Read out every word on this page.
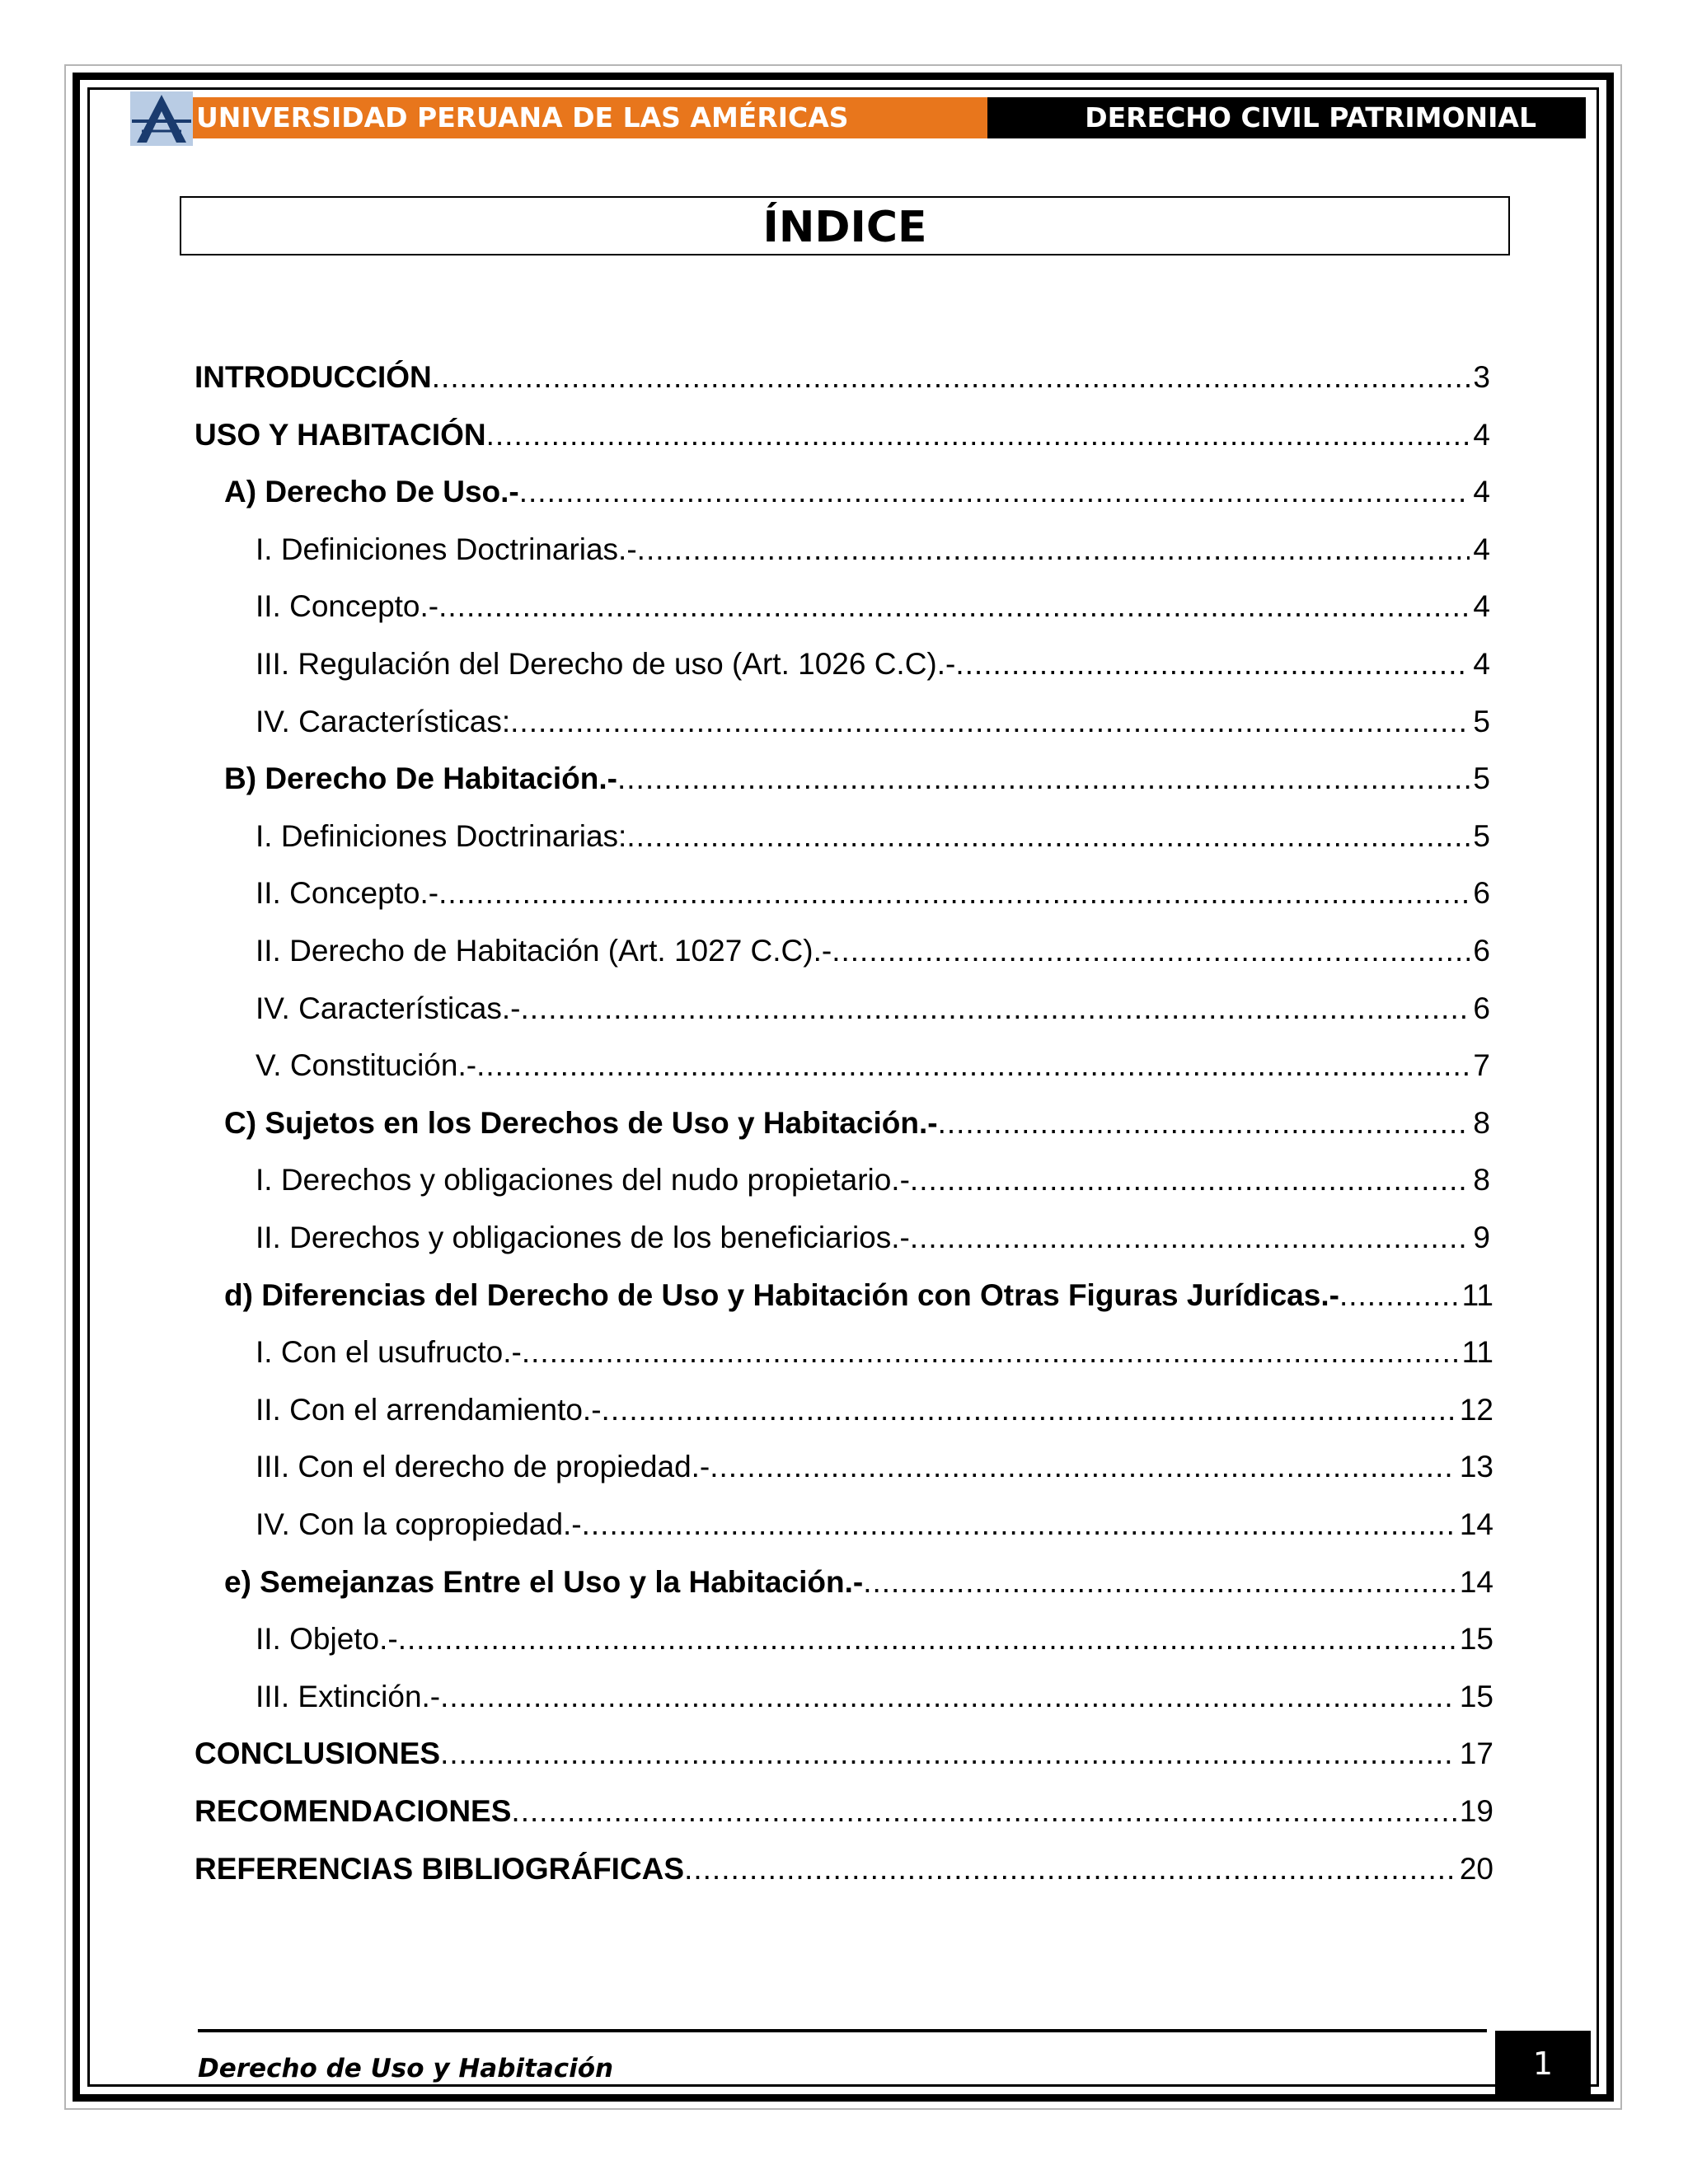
UNIVERSIDAD PERUANA DE LAS AMÉRICAS	DERECHO CIVIL PATRIMONIAL
ÍNDICE
INTRODUCCIÓN .....	3
USO Y HABITACIÓN .....	4
A) Derecho De Uso.- .....	4
I. Definiciones Doctrinarias.- .....	4
II. Concepto.- .....	4
III. Regulación del Derecho de uso (Art. 1026 C.C).- .....	4
IV. Características: .....	5
B) Derecho De Habitación.- .....	5
I. Definiciones Doctrinarias: .....	5
II. Concepto.- .....	6
II. Derecho de Habitación (Art. 1027 C.C).- .....	6
IV. Características.- .....	6
V. Constitución.- .....	7
C) Sujetos en los Derechos de Uso y Habitación.- .....	8
I. Derechos y obligaciones del nudo propietario.- .....	8
II. Derechos y obligaciones de los beneficiarios.- .....	9
d) Diferencias del Derecho de Uso y Habitación con Otras Figuras Jurídicas.- .....	11
I. Con el usufructo.- .....	11
II. Con el arrendamiento.- .....	12
III. Con el derecho de propiedad.- .....	13
IV. Con la copropiedad.- .....	14
e) Semejanzas Entre el Uso y la Habitación.- .....	14
II. Objeto.- .....	15
III. Extinción.- .....	15
CONCLUSIONES .....	17
RECOMENDACIONES .....	19
REFERENCIAS BIBLIOGRÁFICAS .....	20
Derecho de Uso y Habitación	1
